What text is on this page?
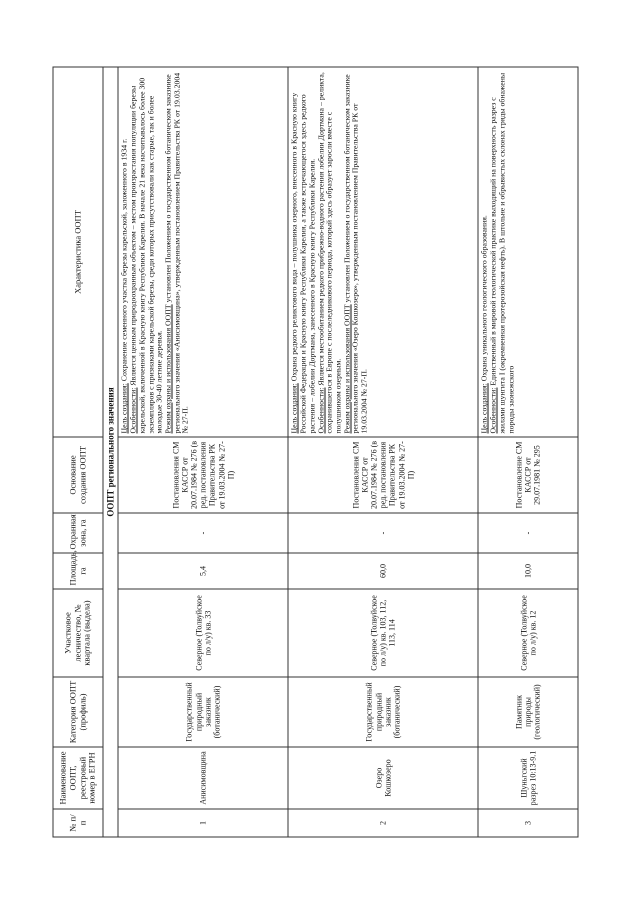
№ п/п	Наименование ООПТ, реестровый номер в ЕГРН	Категория ООПТ (профиль)	Участковое лесничество, № квартала (выдела)	Площадь, га	Охранная зона, га	Основание создания ООПТ	Характеристика ООПТ
ООПТ регионального значения							
1	Анисимовщина	Государственный природный заказник (ботанический)	Северное (Толвуйское по л/у) кв. 33	5,4	-	Постановления СМ КАССР от 20.07.1984 № 276 (в ред. постановления Правительства РК от 19.03.2004 № 27-П)	Цель создания: Сохранение семенного участка березы карельской, заложенного в 1934 г.
Особенности: Является ценным природоохранным объектом – местом произрастания популяции березы карельской, включенной в Красную книгу Республики Карелия. В начале 21 века насчитывалось более 300 экземпляров с признаками карельской березы, среди которых присутствовали как старые, так и более молодые 30-40 летние деревья. Режим охраны и использования ООПТ установлен Положением о государственном ботаническом заказнике регионального значения «Анисимовщина», утвержденным постановлением Правительства РК от 19.03.2004 № 27-П.

2	Озеро Кошкозеро	Государственный природный заказник (ботанический)	Северное (Толвуйское по л/у) кв. 103, 112, 113, 114	60,0	-	Постановления СМ КАССР от 20.07.1984 № 276 (в ред. постановления Правительства РК от 19.03.2004 № 27-П)	Цель создания: Охрана редкого реликтового вида – полушника озерного, внесенного в Красную книгу Российской Федерации и Красную книгу Республики Карелия, а также встречающегося здесь редкого растения – лобелии Дортмана, занесенного в Красную книгу Республики Карелия. Особенности: Является местообитанием редкого прибрежно-водного растения лобелии Дортмана – реликта, сохранившегося в Европе с послеледникового периода, который здесь образует заросли вместе с полушником озерным. Режим охраны и использования ООПТ установлен Положением о государственном ботаническом заказнике регионального значения «Озеро Кошкозеро», утвержденным постановлением Правительства РК от 19.03.2004 № 27-П.

3	Шуньгский разрез 10:13-9.1	Памятник природы (геологический)	Северное (Толвуйское по л/у) кв. 12	10,0	-	Постановление СМ КАССР от 29.07.1981 № 295	Цель создания: Охрана уникального геологического образования.
Особенности: Единственный в мировой геологической практике выходящий на поверхность разрез с жилами шунгита I (окремненная протерозойская нефть). В штольне и обрывистых склонах гряды обнажены породы заонежского
